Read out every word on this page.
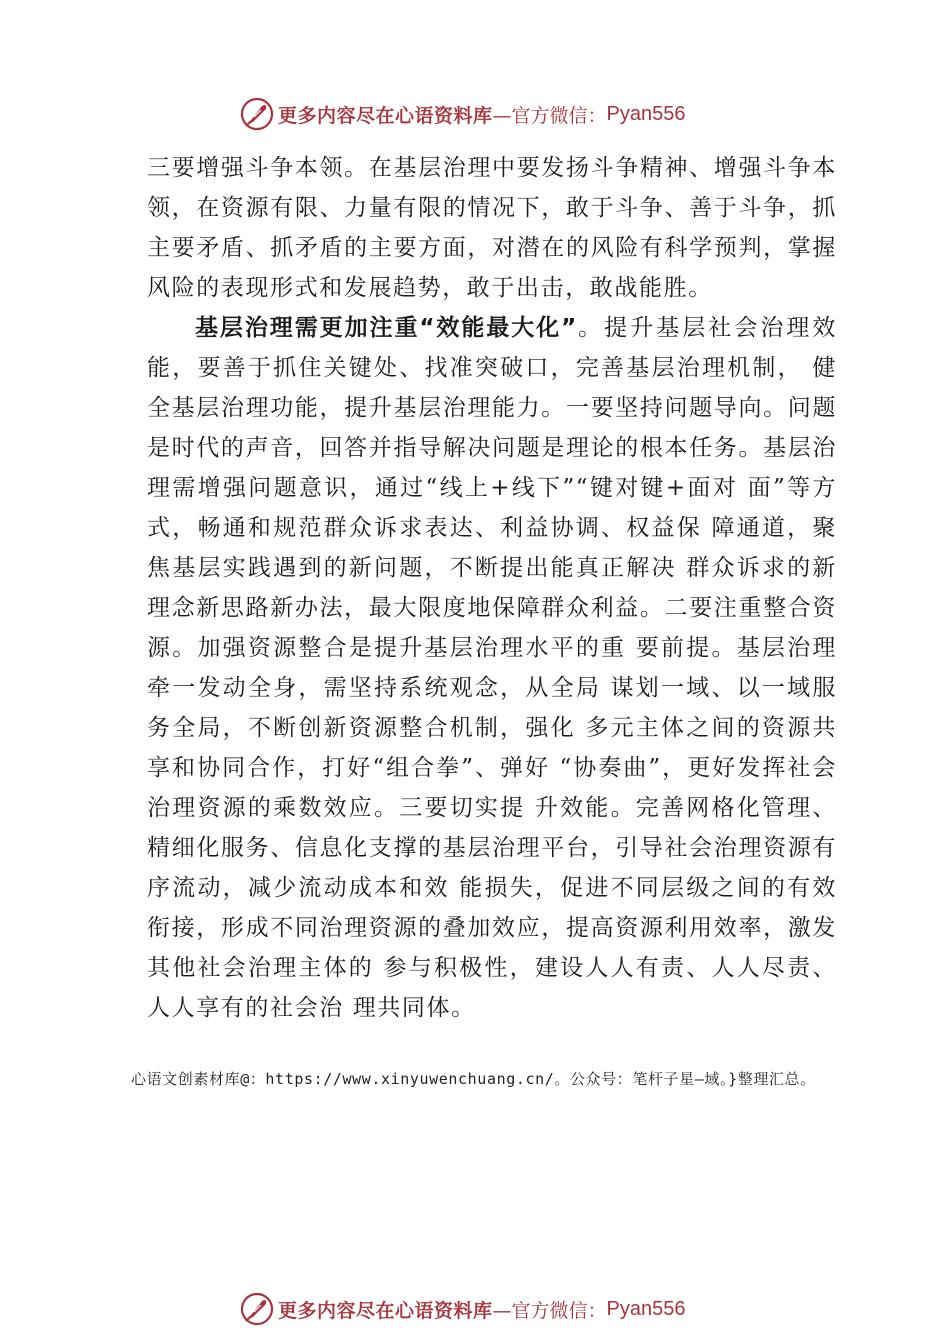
更多内容尽在心语资料库 —官方微信： Pyan556

三要增强斗争本领。在基层治理中要发扬斗争精神、增强斗争本领，在资源有限、力量有限的情况下，敢于斗争、善于斗争，抓主要矛盾、抓矛盾的主要方面，对潜在的风险有科学预判，掌握风险的表现形式和发展趋势，敢于出击，敢战能胜。

基层治理需更加注重“效能最大化”。提升基层社会治理效能，要善于抓住关键处、找准突破口，完善基层治理机制， 健全基层治理功能，提升基层治理能力。一要坚持问题导向。问题是时代的声音，回答并指导解决问题是理论的根本任务。基层治理需增强问题意识，通过“线上+线下”“键对键+面对 面”等方式，畅通和规范群众诉求表达、利益协调、权益保 障通道，聚焦基层实践遇到的新问题，不断提出能真正解决 群众诉求的新理念新思路新办法，最大限度地保障群众利益。二要注重整合资源。加强资源整合是提升基层治理水平的重 要前提。基层治理牵一发动全身，需坚持系统观念，从全局 谋划一域、以一域服务全局，不断创新资源整合机制，强化 多元主体之间的资源共享和协同合作，打好“组合拳”、弹好 “协奏曲”，更好发挥社会治理资源的乘数效应。三要切实提 升效能。完善网格化管理、精细化服务、信息化支撑的基层治理平台，引导社会治理资源有序流动，减少流动成本和效 能损失，促进不同层级之间的有效衔接，形成不同治理资源的叠加效应，提高资源利用效率，激发其他社会治理主体的 参与积极性，建设人人有责、人人尽责、人人享有的社会治 理共同体。

心语文创素材库@：https://www.xinyuwenchuang.cn/。公众号：笔杆子星—域。}整理汇总。
更多内容尽在心语资料库 —官方微信： Pyan556
